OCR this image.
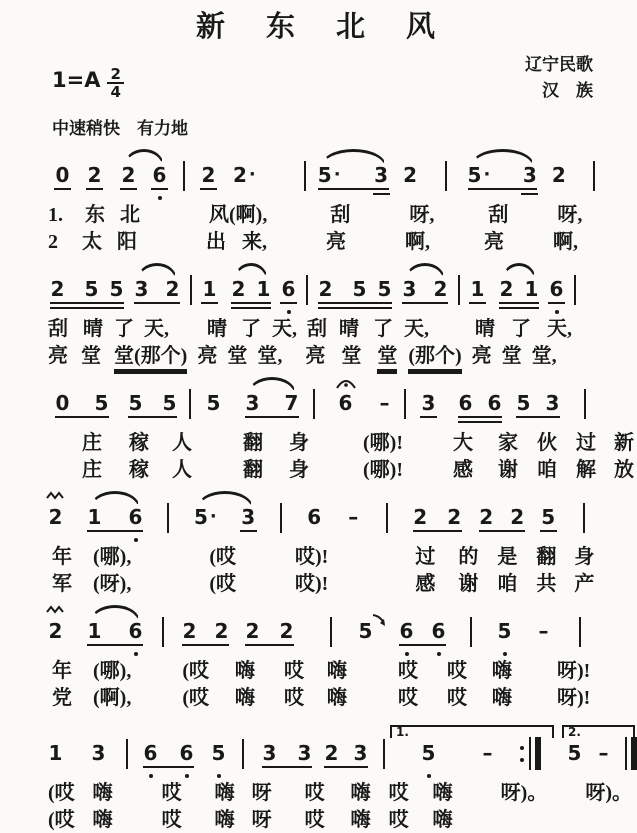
新　东　北　风
$1=A \frac{2}{4}$
辽宁民歌
汉　族
中速稍快　有力地
0 2 2 6 2 2 ·	5 · 3 2	5 · 3 2
1. 东 北	风(啊),	刮	呀,	刮 呀,
2 太 阳	出 来,	亮	啊,	亮 啊,
2 5 5 3 2 1 2 1 6 2 5 5 3 2 1 2 1 6
刮 晴 了 天, 晴 了 天, 刮 晴 了 天, 晴 了 天,
亮 堂 堂(那个) 亮 堂 堂, 亮 堂 堂 (那个) 亮 堂 堂,
0 5 5 5 5 3 7 6 – 3 6 6 5 3
庄 稼 人	翻 身	(哪)!	大 家 伙 过 新
庄 稼 人	翻 身	(哪)!	感 谢 咱 解 放
2 1 6	5 · 3	6 –	2 2 2 2 5
年 (哪),	(哎	哎)!	过 的 是 翻 身
军 (呀),	(哎	哎)!	感 谢 咱 共 产
2 1 6 2 2 2 2	5 6 6	5 –
年 (哪),	(哎 嗨 哎 嗨	哎 哎 嗨 呀)!
党 (啊),	(哎 嗨 哎 嗨	哎 哎 嗨 呀)!
1.	2.
1 3 6 6 5 3 3 2 3	5 –	5 –
(哎 嗨 哎 嗨 呀 哎 嗨 哎 嗨 呀)。 呀)。
(哎 嗨 哎 嗨 呀 哎 嗨 哎 嗨
